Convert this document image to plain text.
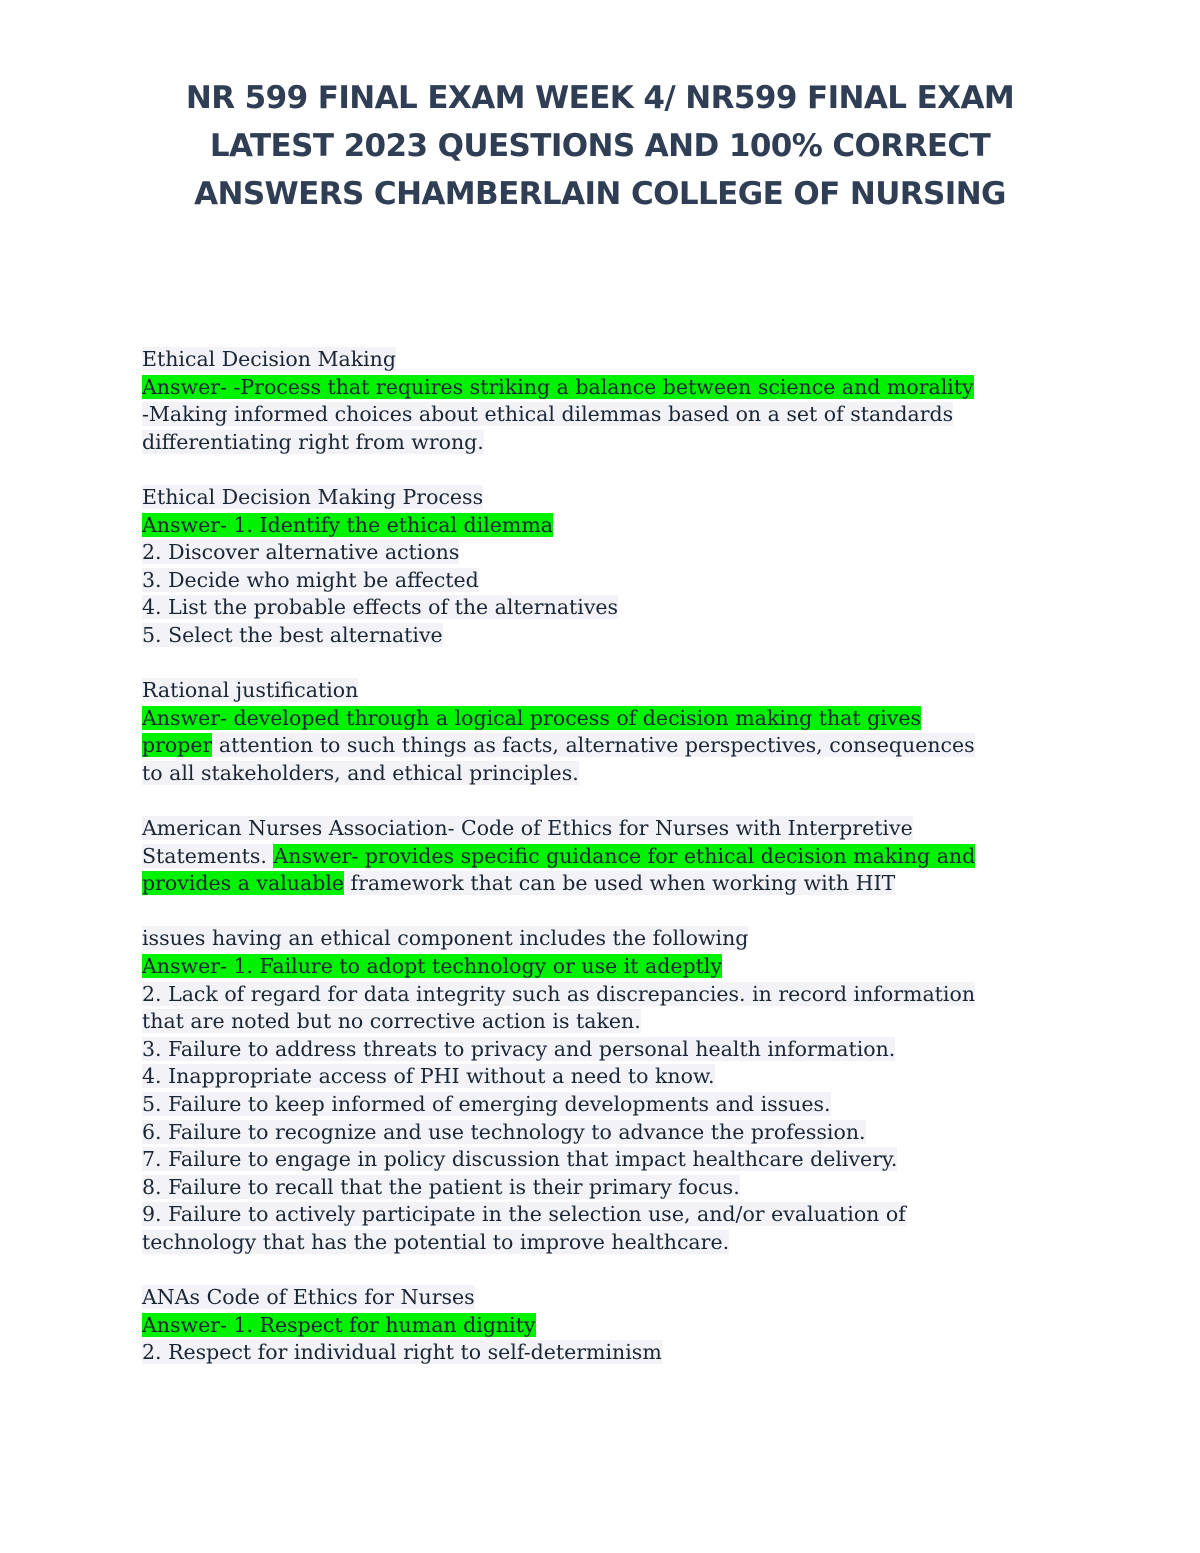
NR 599 FINAL EXAM WEEK 4/ NR599 FINAL EXAM
LATEST 2023 QUESTIONS AND 100% CORRECT
ANSWERS CHAMBERLAIN COLLEGE OF NURSING
Ethical Decision Making
Answer- -Process that requires striking a balance between science and morality
-Making informed choices about ethical dilemmas based on a set of standards
differentiating right from wrong.
Ethical Decision Making Process
Answer- 1. Identify the ethical dilemma
2. Discover alternative actions
3. Decide who might be affected
4. List the probable effects of the alternatives
5. Select the best alternative
Rational justification
Answer- developed through a logical process of decision making that gives
proper attention to such things as facts, alternative perspectives, consequences
to all stakeholders, and ethical principles.
American Nurses Association- Code of Ethics for Nurses with Interpretive
Statements. Answer- provides specific guidance for ethical decision making and
provides a valuable framework that can be used when working with HIT
issues having an ethical component includes the following
Answer- 1. Failure to adopt technology or use it adeptly
2. Lack of regard for data integrity such as discrepancies. in record information
that are noted but no corrective action is taken.
3. Failure to address threats to privacy and personal health information.
4. Inappropriate access of PHI without a need to know.
5. Failure to keep informed of emerging developments and issues.
6. Failure to recognize and use technology to advance the profession.
7. Failure to engage in policy discussion that impact healthcare delivery.
8. Failure to recall that the patient is their primary focus.
9. Failure to actively participate in the selection use, and/or evaluation of
technology that has the potential to improve healthcare.
ANAs Code of Ethics for Nurses
Answer- 1. Respect for human dignity
2. Respect for individual right to self-determinism
